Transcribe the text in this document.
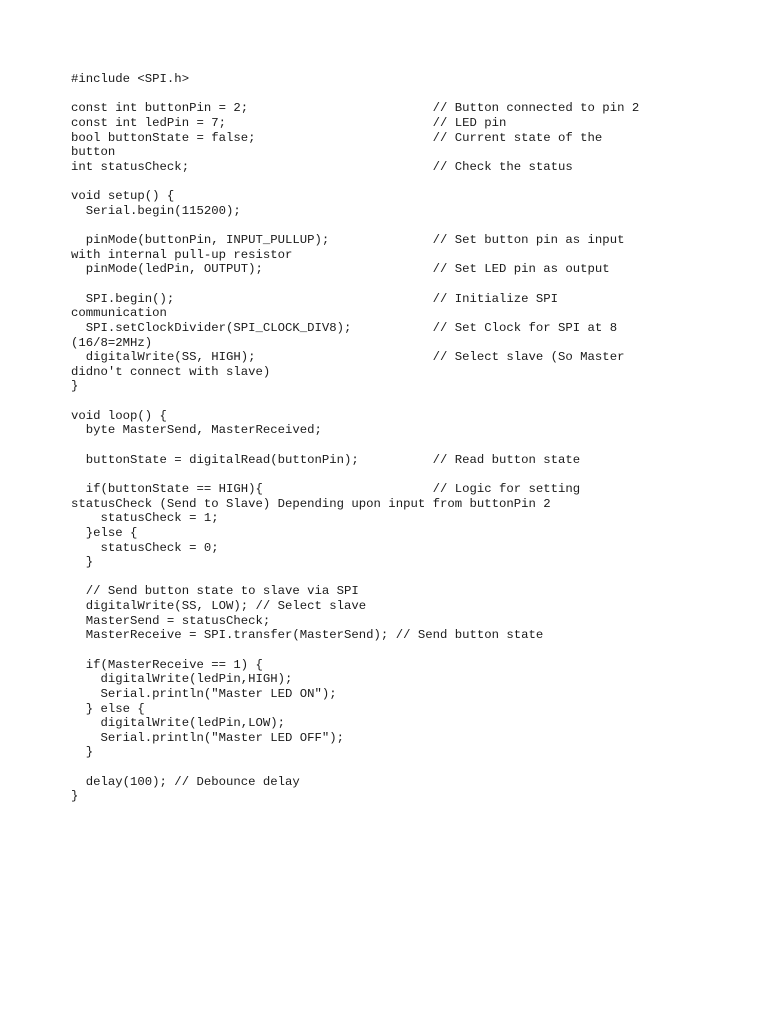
#include <SPI.h>
const int buttonPin = 2;                         // Button connected to pin 2
const int ledPin = 7;                            // LED pin
bool buttonState = false;                        // Current state of the
button
int statusCheck;                                 // Check the status
void setup() {
Serial.begin(115200);
pinMode(buttonPin, INPUT_PULLUP);              // Set button pin as input
with internal pull-up resistor
pinMode(ledPin, OUTPUT);                       // Set LED pin as output
SPI.begin();                                   // Initialize SPI
communication
SPI.setClockDivider(SPI_CLOCK_DIV8);           // Set Clock for SPI at 8
(16/8=2MHz)
digitalWrite(SS, HIGH);                        // Select slave (So Master
didno't connect with slave)
}
void loop() {
byte MasterSend, MasterReceived;
buttonState = digitalRead(buttonPin);          // Read button state
if(buttonState == HIGH){                       // Logic for setting
statusCheck (Send to Slave) Depending upon input from buttonPin 2
statusCheck = 1;
}else {
statusCheck = 0;
}
// Send button state to slave via SPI
digitalWrite(SS, LOW); // Select slave
MasterSend = statusCheck;
MasterReceive = SPI.transfer(MasterSend); // Send button state
if(MasterReceive == 1) {
digitalWrite(ledPin,HIGH);
Serial.println("Master LED ON");
} else {
digitalWrite(ledPin,LOW);
Serial.println("Master LED OFF");
}
delay(100); // Debounce delay
}
